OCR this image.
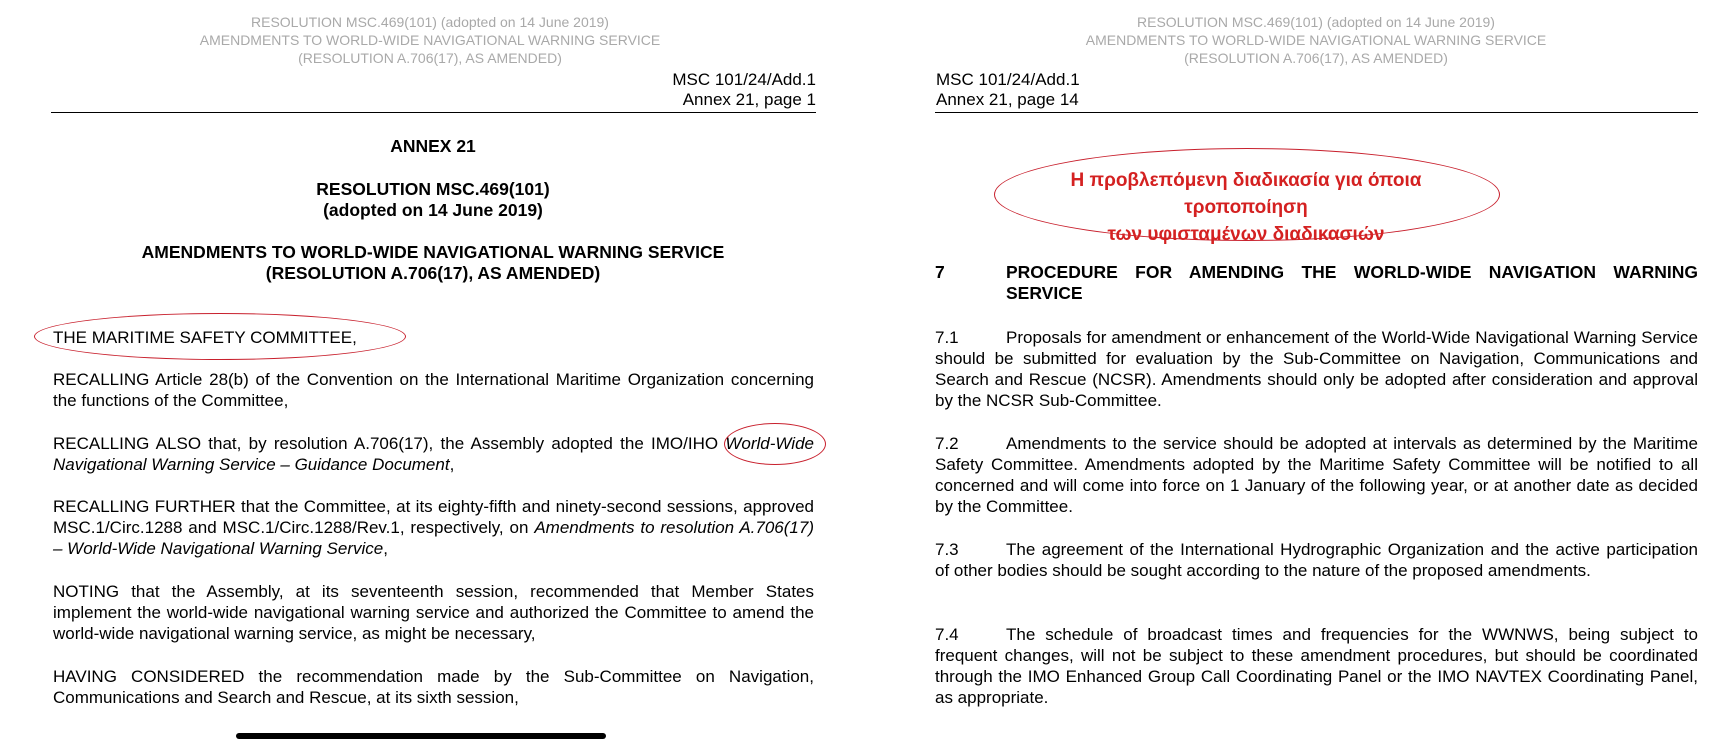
RESOLUTION MSC.469(101) (adopted on 14 June 2019)
AMENDMENTS TO WORLD-WIDE NAVIGATIONAL WARNING SERVICE
(RESOLUTION A.706(17), AS AMENDED)
MSC 101/24/Add.1
Annex 21, page 1
ANNEX 21
RESOLUTION MSC.469(101)
(adopted on 14 June 2019)
AMENDMENTS TO WORLD-WIDE NAVIGATIONAL WARNING SERVICE
(RESOLUTION A.706(17), AS AMENDED)
THE MARITIME SAFETY COMMITTEE,
RECALLING Article 28(b) of the Convention on the International Maritime Organization concerning the functions of the Committee,
RECALLING ALSO that, by resolution A.706(17), the Assembly adopted the IMO/IHO World-Wide Navigational Warning Service – Guidance Document,
RECALLING FURTHER that the Committee, at its eighty-fifth and ninety-second sessions, approved MSC.1/Circ.1288 and MSC.1/Circ.1288/Rev.1, respectively, on Amendments to resolution A.706(17) – World-Wide Navigational Warning Service,
NOTING that the Assembly, at its seventeenth session, recommended that Member States implement the world-wide navigational warning service and authorized the Committee to amend the world-wide navigational warning service, as might be necessary,
HAVING CONSIDERED the recommendation made by the Sub-Committee on Navigation, Communications and Search and Rescue, at its sixth session,
RESOLUTION MSC.469(101) (adopted on 14 June 2019)
AMENDMENTS TO WORLD-WIDE NAVIGATIONAL WARNING SERVICE
(RESOLUTION A.706(17), AS AMENDED)
MSC 101/24/Add.1
Annex 21, page 14
Η προβλεπόμενη διαδικασία για όποια τροποποίηση
των υφισταμένων διαδικασιών
7	PROCEDURE FOR AMENDING THE WORLD-WIDE NAVIGATION WARNING SERVICE
7.1	Proposals for amendment or enhancement of the World-Wide Navigational Warning Service should be submitted for evaluation by the Sub-Committee on Navigation, Communications and Search and Rescue (NCSR). Amendments should only be adopted after consideration and approval by the NCSR Sub-Committee.
7.2	Amendments to the service should be adopted at intervals as determined by the Maritime Safety Committee. Amendments adopted by the Maritime Safety Committee will be notified to all concerned and will come into force on 1 January of the following year, or at another date as decided by the Committee.
7.3	The agreement of the International Hydrographic Organization and the active participation of other bodies should be sought according to the nature of the proposed amendments.
7.4	The schedule of broadcast times and frequencies for the WWNWS, being subject to frequent changes, will not be subject to these amendment procedures, but should be coordinated through the IMO Enhanced Group Call Coordinating Panel or the IMO NAVTEX Coordinating Panel, as appropriate.
